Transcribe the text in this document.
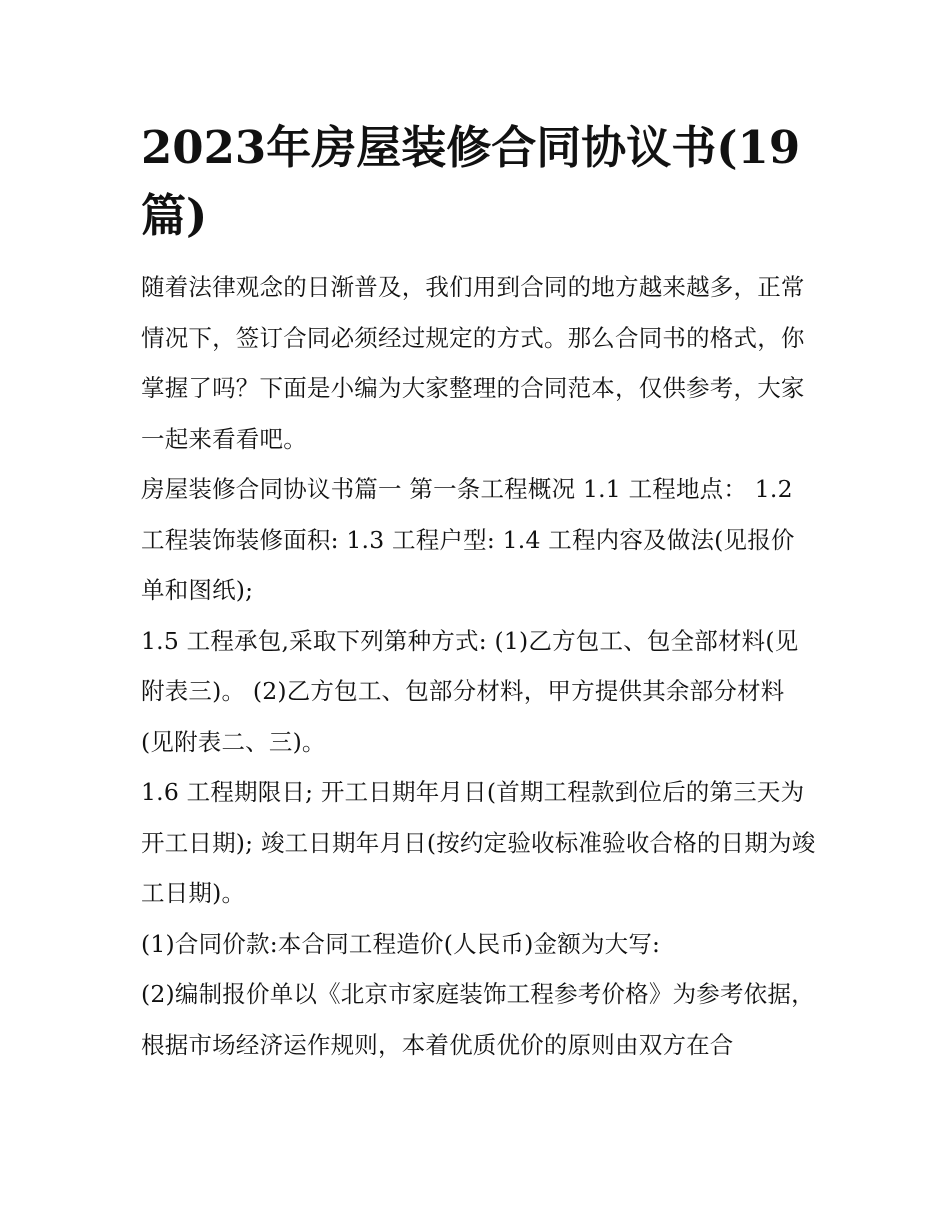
2023年房屋装修合同协议书(19篇)

随着法律观念的日渐普及，我们用到合同的地方越来越多，正常情况下，签订合同必须经过规定的方式。那么合同书的格式，你掌握了吗？下面是小编为大家整理的合同范本，仅供参考，大家一起来看看吧。

房屋装修合同协议书篇一 第一条工程概况 1.1 工程地点： 1.2 工程装饰装修面积: 1.3 工程户型: 1.4 工程内容及做法(见报价单和图纸);

1.5 工程承包,采取下列第种方式: (1)乙方包工、包全部材料(见附表三)。 (2)乙方包工、包部分材料，甲方提供其余部分材料(见附表二、三)。

1.6 工程期限日; 开工日期年月日(首期工程款到位后的第三天为开工日期); 竣工日期年月日(按约定验收标准验收合格的日期为竣工日期)。

(1)合同价款:本合同工程造价(人民币)金额为大写:

(2)编制报价单以《北京市家庭装饰工程参考价格》为参考依据，根据市场经济运作规则，本着优质优价的原则由双方在合
